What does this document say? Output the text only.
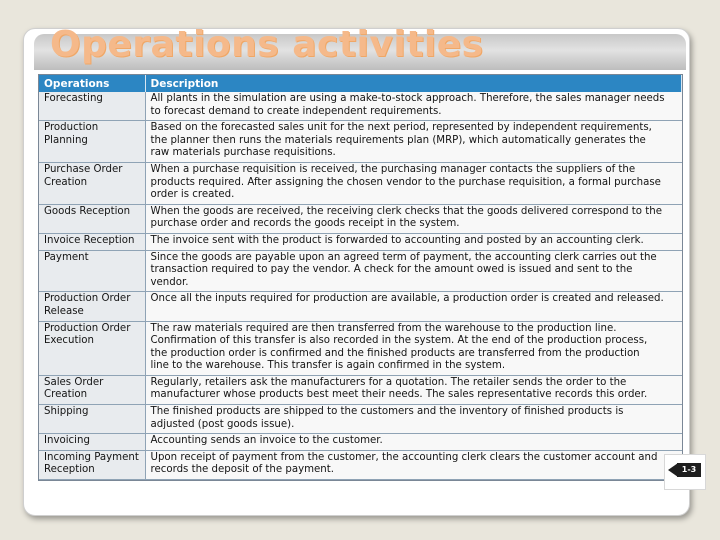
Operations activities
Operations	Description
Forecasting	All plants in the simulation are using a make-to-stock approach. Therefore, the sales manager needs
to forecast demand to create independent requirements.
Production
Planning	Based on the forecasted sales unit for the next period, represented by independent requirements,
the planner then runs the materials requirements plan (MRP), which automatically generates the
raw materials purchase requisitions.
Purchase Order
Creation	When a purchase requisition is received, the purchasing manager contacts the suppliers of the
products required. After assigning the chosen vendor to the purchase requisition, a formal purchase
order is created.
Goods Reception	When the goods are received, the receiving clerk checks that the goods delivered correspond to the
purchase order and records the goods receipt in the system.
Invoice Reception	The invoice sent with the product is forwarded to accounting and posted by an accounting clerk.
Payment	Since the goods are payable upon an agreed term of payment, the accounting clerk carries out the
transaction required to pay the vendor. A check for the amount owed is issued and sent to the
vendor.
Production Order
Release	Once all the inputs required for production are available, a production order is created and released.
Production Order
Execution	The raw materials required are then transferred from the warehouse to the production line.
Confirmation of this transfer is also recorded in the system. At the end of the production process,
the production order is confirmed and the finished products are transferred from the production
line to the warehouse. This transfer is again confirmed in the system.
Sales Order
Creation	Regularly, retailers ask the manufacturers for a quotation. The retailer sends the order to the
manufacturer whose products best meet their needs. The sales representative records this order.
Shipping	The finished products are shipped to the customers and the inventory of finished products is
adjusted (post goods issue).
Invoicing	Accounting sends an invoice to the customer.
Incoming Payment
Reception	Upon receipt of payment from the customer, the accounting clerk clears the customer account and
records the deposit of the payment.	1-3
